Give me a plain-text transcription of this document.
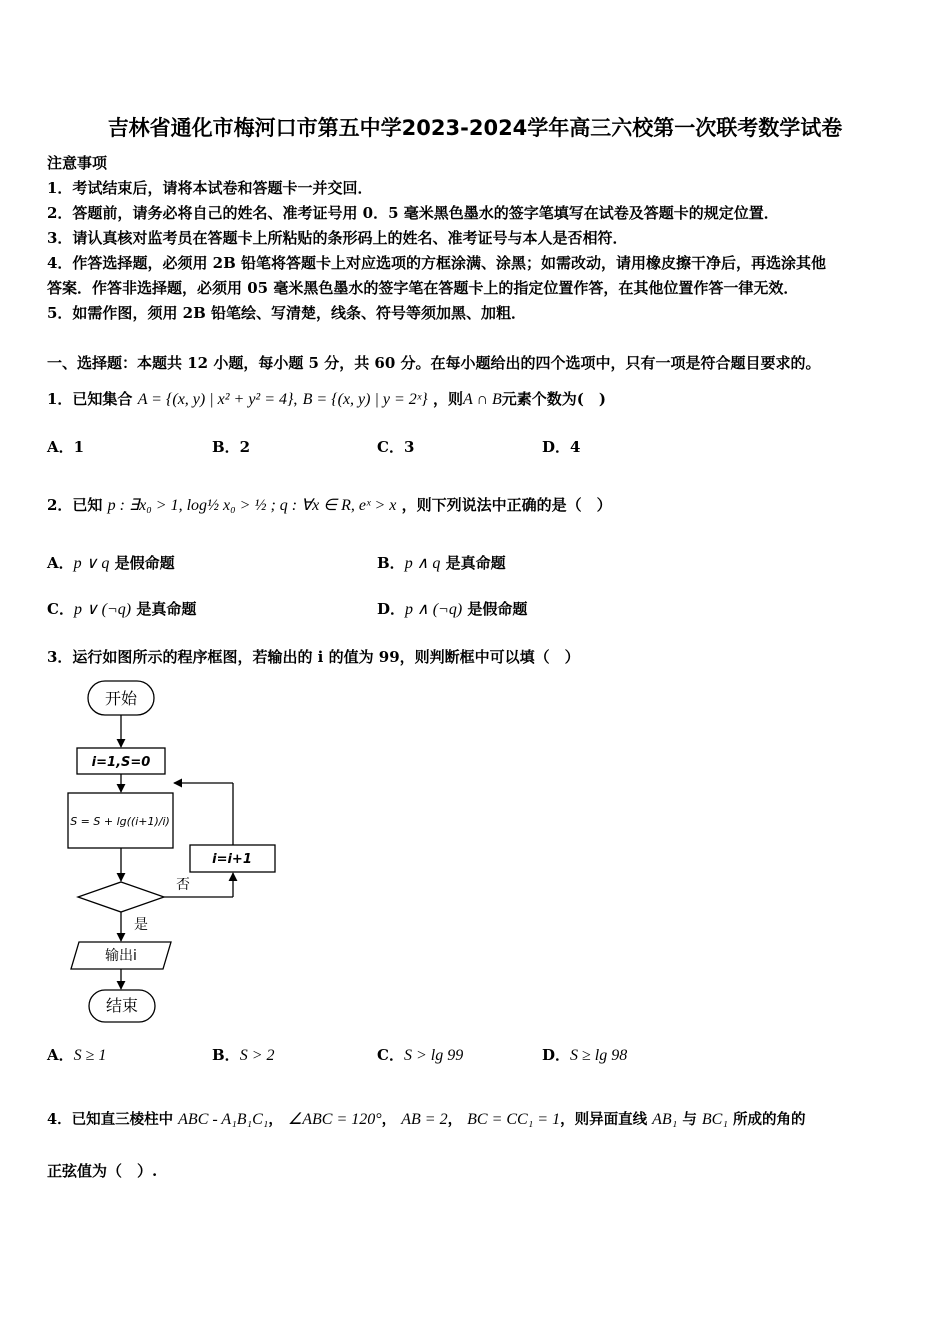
吉林省通化市梅河口市第五中学2023-2024学年高三六校第一次联考数学试卷
注意事项
1．考试结束后，请将本试卷和答题卡一并交回．
2．答题前，请务必将自己的姓名、准考证号用 0．5 毫米黑色墨水的签字笔填写在试卷及答题卡的规定位置．
3．请认真核对监考员在答题卡上所粘贴的条形码上的姓名、准考证号与本人是否相符．
4．作答选择题，必须用 2B 铅笔将答题卡上对应选项的方框涂满、涂黑；如需改动，请用橡皮擦干净后，再选涂其他
答案．作答非选择题，必须用 05 毫米黑色墨水的签字笔在答题卡上的指定位置作答，在其他位置作答一律无效．
5．如需作图，须用 2B 铅笔绘、写清楚，线条、符号等须加黑、加粗．
一、选择题：本题共 12 小题，每小题 5 分，共 60 分。在每小题给出的四个选项中，只有一项是符合题目要求的。
1．已知集合 A = {(x, y) | x² + y² = 4}, B = {(x, y) | y = 2ˣ} ，则A ∩ B元素个数为(　)
A．1	B．2	C．3	D．4
2．已知 p : ∃x₀ > 1, log½ x₀ > ½ ; q : ∀x ∈ R, eˣ > x ，则下列说法中正确的是（　）
A．p ∨ q 是假命题	B．p ∧ q 是真命题
C．p ∨ (¬q) 是真命题	D．p ∧ (¬q) 是假命题
3．运行如图所示的程序框图，若输出的 i 的值为 99，则判断框中可以填（　）
开始
i=1,S=0
S = S + lg((i+1)/i)
i=i+1
否
是
输出i
结束
A．S ≥ 1	B．S > 2	C．S > lg 99	D．S ≥ lg 98
4．已知直三棱柱中 ABC - A₁B₁C₁， ∠ABC = 120°， AB = 2， BC = CC₁ = 1，则异面直线 AB₁ 与 BC₁ 所成的角的
正弦值为（　）.
